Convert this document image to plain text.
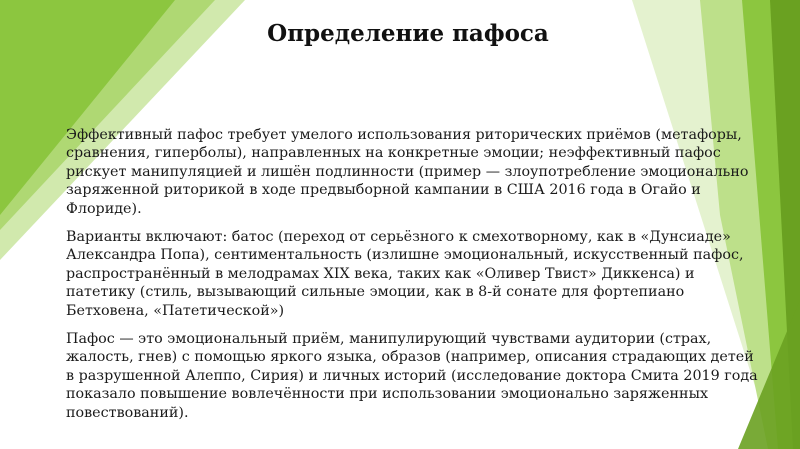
Определение пафоса

Эффективный пафос требует умелого использования риторических приёмов (метафоры, сравнения, гиперболы), направленных на конкретные эмоции; неэффективный пафос рискует манипуляцией и лишён подлинности (пример — злоупотребление эмоционально заряженной риторикой в ходе предвыборной кампании в США 2016 года в Огайо и Флориде).

Варианты включают: батос (переход от серьёзного к смехотворному, как в «Дунсиаде» Александра Попа), сентиментальность (излишне эмоциональный, искусственный пафос, распространённый в мелодрамах XIX века, таких как «Оливер Твист» Диккенса) и патетику (стиль, вызывающий сильные эмоции, как в 8-й сонате для фортепиано Бетховена, «Патетической»)

Пафос — это эмоциональный приём, манипулирующий чувствами аудитории (страх, жалость, гнев) с помощью яркого языка, образов (например, описания страдающих детей в разрушенной Алеппо, Сирия) и личных историй (исследование доктора Смита 2019 года показало повышение вовлечённости при использовании эмоционально заряженных повествований).
